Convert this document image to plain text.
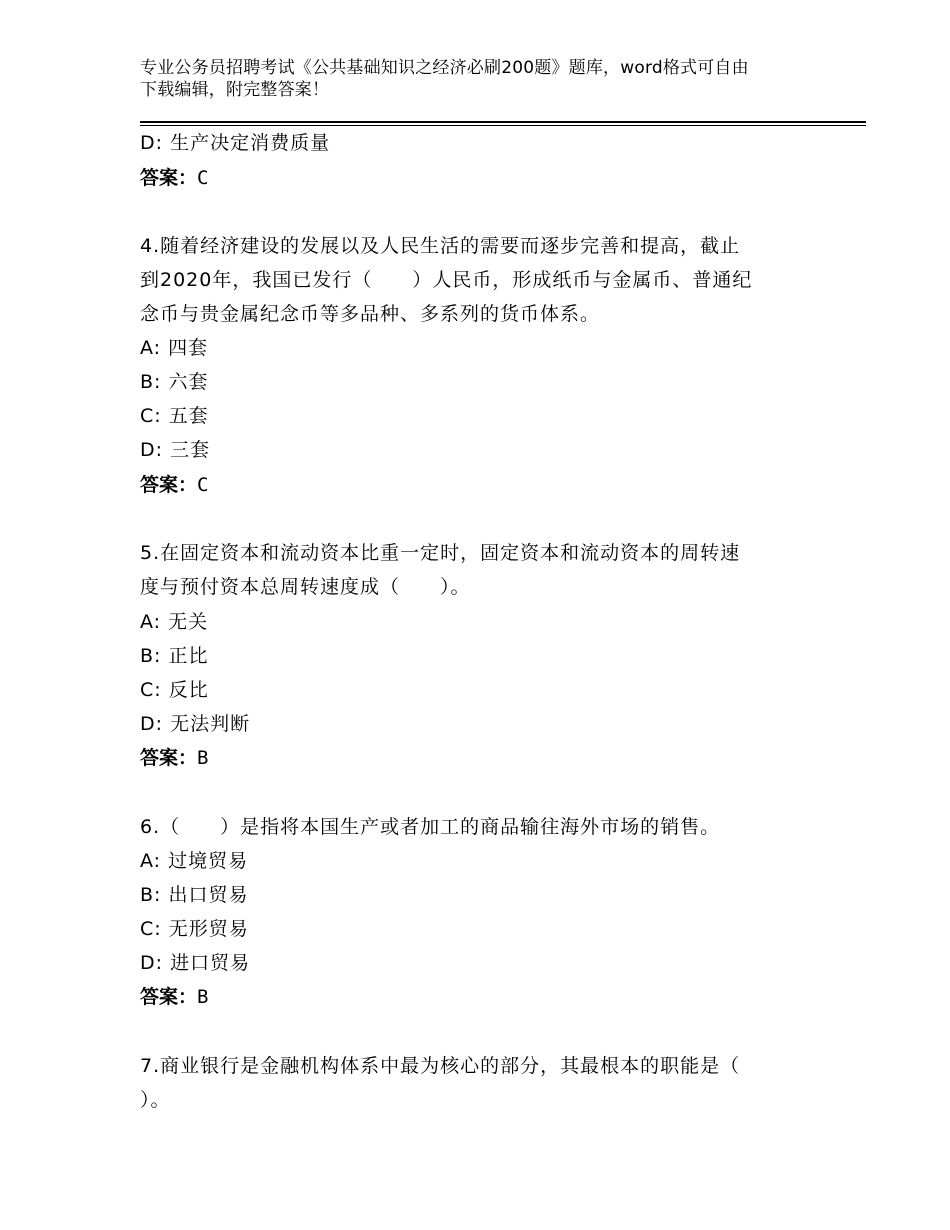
专业公务员招聘考试《公共基础知识之经济必刷200题》题库，word格式可自由
下载编辑，附完整答案！
D: 生产决定消费质量
答案：C
4.随着经济建设的发展以及人民生活的需要而逐步完善和提高，截止
到2020年，我国已发行（　　）人民币，形成纸币与金属币、普通纪
念币与贵金属纪念币等多品种、多系列的货币体系。
A: 四套
B: 六套
C: 五套
D: 三套
答案：C
5.在固定资本和流动资本比重一定时，固定资本和流动资本的周转速
度与预付资本总周转速度成（　　）。
A: 无关
B: 正比
C: 反比
D: 无法判断
答案：B
6.（　　）是指将本国生产或者加工的商品输往海外市场的销售。
A: 过境贸易
B: 出口贸易
C: 无形贸易
D: 进口贸易
答案：B
7.商业银行是金融机构体系中最为核心的部分，其最根本的职能是（
）。
